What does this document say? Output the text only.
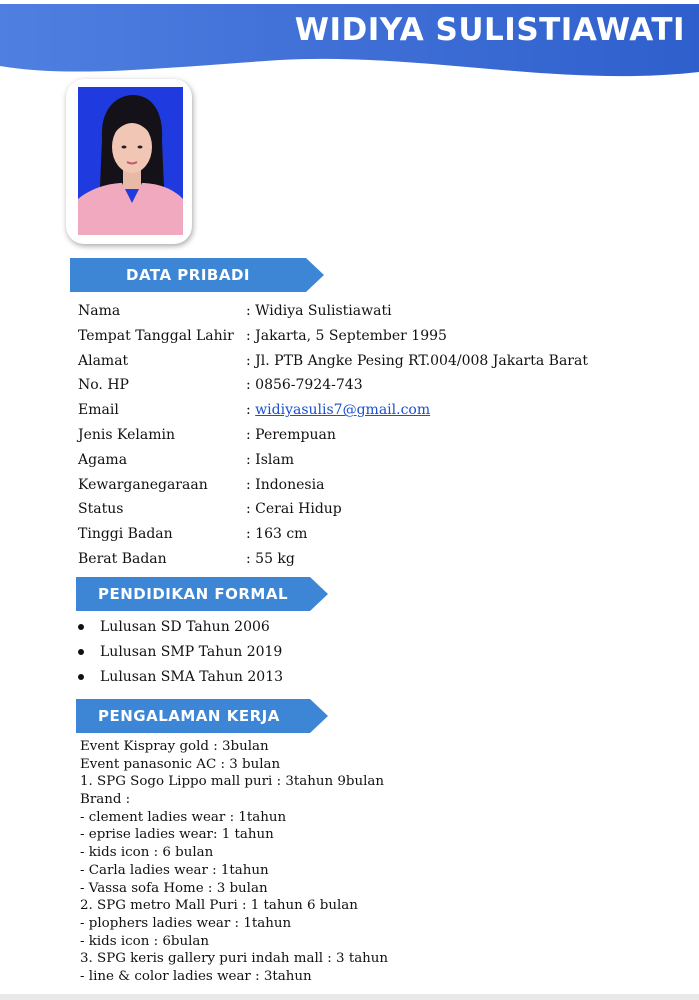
WIDIYA SULISTIAWATI
DATA PRIBADI
Nama	: Widiya Sulistiawati
Tempat Tanggal Lahir : Jakarta, 5 September 1995
Alamat	: Jl. PTB Angke Pesing RT.004/008 Jakarta Barat
No. HP	: 0856-7924-743
Email	: widiyasulis7@gmail.com
Jenis Kelamin	: Perempuan
Agama	: Islam
Kewarganegaraan	: Indonesia
Status	: Cerai Hidup
Tinggi Badan	: 163 cm
Berat Badan	: 55 kg
PENDIDIKAN FORMAL
Lulusan SD Tahun 2006
Lulusan SMP Tahun 2019
Lulusan SMA Tahun 2013
PENGALAMAN KERJA
Event Kispray gold : 3bulan
Event panasonic AC : 3 bulan
1. SPG Sogo Lippo mall puri : 3tahun 9bulan
Brand :
- clement ladies wear : 1tahun
- eprise ladies wear: 1 tahun
- kids icon : 6 bulan
- Carla ladies wear : 1tahun
- Vassa sofa Home : 3 bulan
2. SPG metro Mall Puri : 1 tahun 6 bulan
- plophers ladies wear : 1tahun
- kids icon : 6bulan
3. SPG keris gallery puri indah mall : 3 tahun
- line & color ladies wear : 3tahun
